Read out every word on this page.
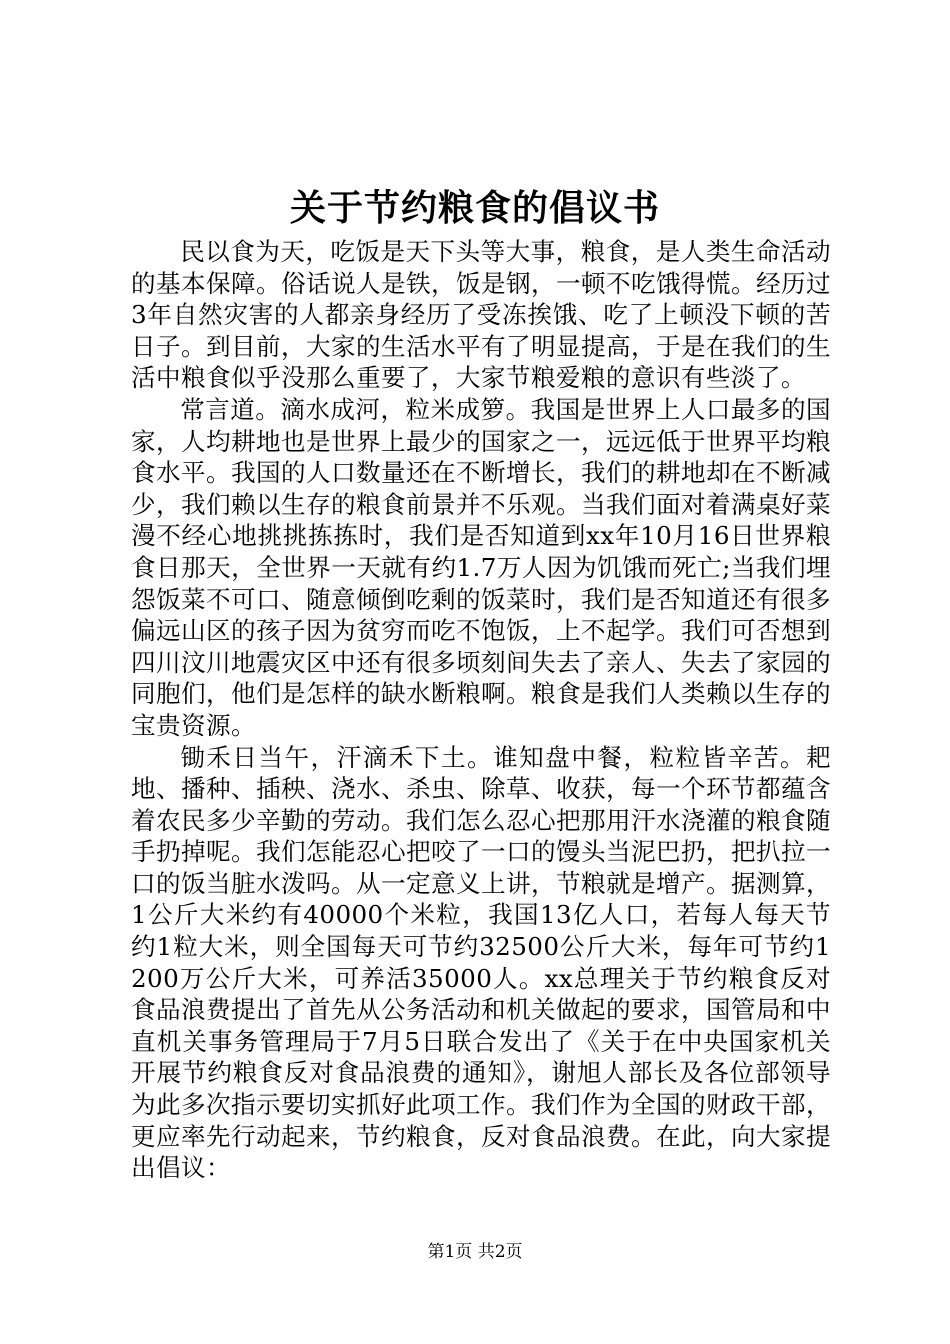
关于节约粮食的倡议书

民以食为天，吃饭是天下头等大事，粮食，是人类生命活动的基本保障。俗话说人是铁，饭是钢，一顿不吃饿得慌。经历过3年自然灾害的人都亲身经历了受冻挨饿、吃了上顿没下顿的苦日子。到目前，大家的生活水平有了明显提高，于是在我们的生活中粮食似乎没那么重要了，大家节粮爱粮的意识有些淡了。

常言道。滴水成河，粒米成箩。我国是世界上人口最多的国家，人均耕地也是世界上最少的国家之一，远远低于世界平均粮食水平。我国的人口数量还在不断增长，我们的耕地却在不断减少，我们赖以生存的粮食前景并不乐观。当我们面对着满桌好菜漫不经心地挑挑拣拣时，我们是否知道到xx年10月16日世界粮食日那天，全世界一天就有约1.7万人因为饥饿而死亡;当我们埋怨饭菜不可口、随意倾倒吃剩的饭菜时，我们是否知道还有很多偏远山区的孩子因为贫穷而吃不饱饭，上不起学。我们可否想到四川汶川地震灾区中还有很多顷刻间失去了亲人、失去了家园的同胞们，他们是怎样的缺水断粮啊。粮食是我们人类赖以生存的宝贵资源。

锄禾日当午，汗滴禾下土。谁知盘中餐，粒粒皆辛苦。耙地、播种、插秧、浇水、杀虫、除草、收获，每一个环节都蕴含着农民多少辛勤的劳动。我们怎么忍心把那用汗水浇灌的粮食随手扔掉呢。我们怎能忍心把咬了一口的馒头当泥巴扔，把扒拉一口的饭当脏水泼吗。从一定意义上讲，节粮就是增产。据测算，1公斤大米约有40000个米粒，我国13亿人口，若每人每天节约1粒大米，则全国每天可节约32500公斤大米，每年可节约1200万公斤大米，可养活35000人。xx总理关于节约粮食反对食品浪费提出了首先从公务活动和机关做起的要求，国管局和中直机关事务管理局于7月5日联合发出了《关于在中央国家机关开展节约粮食反对食品浪费的通知》，谢旭人部长及各位部领导为此多次指示要切实抓好此项工作。我们作为全国的财政干部，更应率先行动起来，节约粮食，反对食品浪费。在此，向大家提出倡议：

第1页 共2页
